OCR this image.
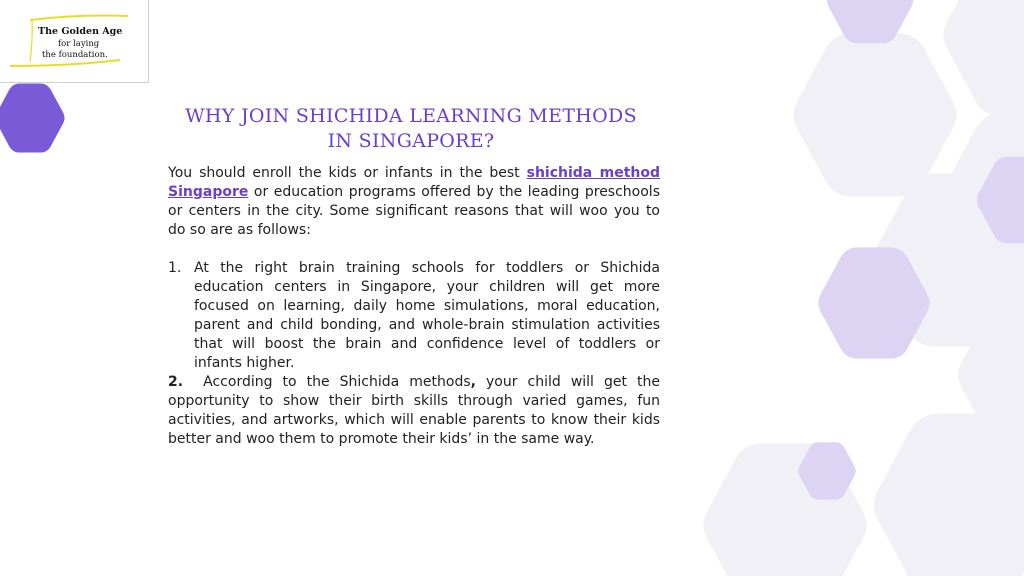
The Golden Age
for laying
the foundation.
WHY JOIN SHICHIDA LEARNING METHODS
IN SINGAPORE?

You should enroll the kids or infants in the best shichida method Singapore or education programs offered by the leading preschools or centers in the city. Some significant reasons that will woo you to do so are as follows:

1. At the right brain training schools for toddlers or Shichida education centers in Singapore, your children will get more focused on learning, daily home simulations, moral education, parent and child bonding, and whole-brain stimulation activities that will boost the brain and confidence level of toddlers or infants higher.

2. According to the Shichida methods, your child will get the opportunity to show their birth skills through varied games, fun activities, and artworks, which will enable parents to know their kids better and woo them to promote their kids’ in the same way.
